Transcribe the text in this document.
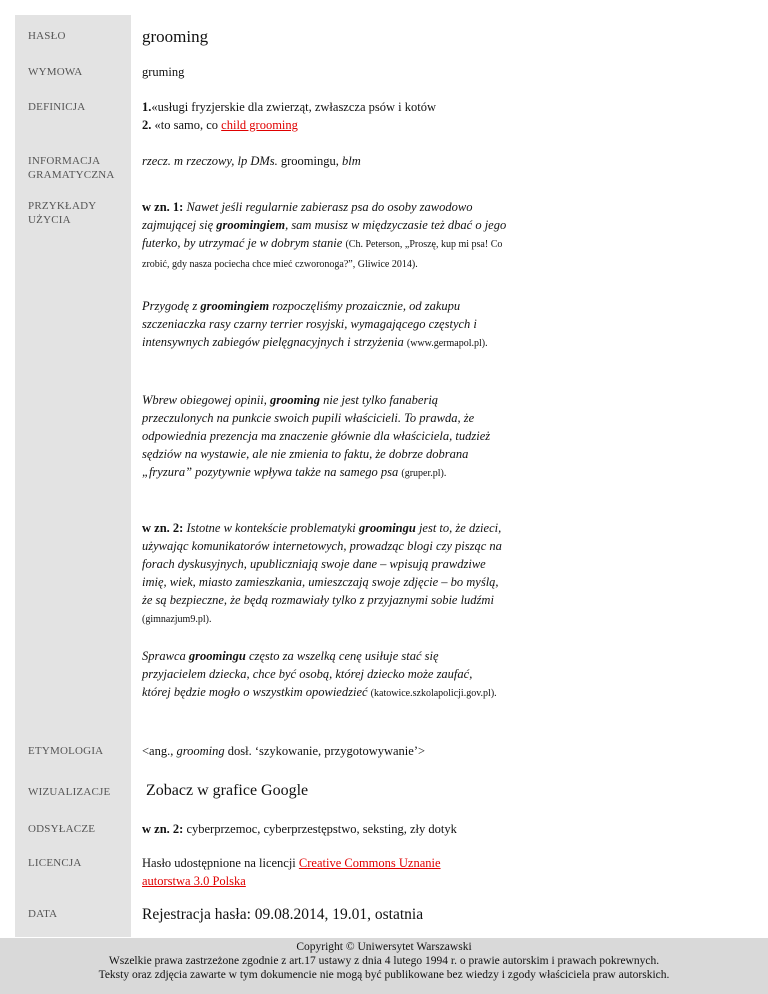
HASŁO
WYMOWA
DEFINICJA
INFORMACJA
GRAMATYCZNA
PRZYKŁADY
UŻYCIA
ETYMOLOGIA
WIZUALIZACJE
ODSYŁACZE
LICENCJA
DATA
grooming
gruming
1.«usługi fryzjerskie dla zwierząt, zwłaszcza psów i kotów
2. «to samo, co child grooming
rzecz. m rzeczowy, lp DMs. groomingu, blm
w zn. 1: Nawet jeśli regularnie zabierasz psa do osoby zawodowo zajmującej się groomingiem, sam musisz w międzyczasie też dbać o jego futerko, by utrzymać je w dobrym stanie (Ch. Peterson, „Proszę, kup mi psa! Co zrobić, gdy nasza pociecha chce mieć czworonoga?”, Gliwice 2014).
Przygodę z groomingiem rozpoczęliśmy prozaicznie, od zakupu szczeniaczka rasy czarny terrier rosyjski, wymagającego częstych i intensywnych zabiegów pielęgnacyjnych i strzyżenia (www.germapol.pl).
Wbrew obiegowej opinii, grooming nie jest tylko fanaberią przeczulonych na punkcie swoich pupili właścicieli. To prawda, że odpowiednia prezencja ma znaczenie głównie dla właściciela, tudzież sędziów na wystawie, ale nie zmienia to faktu, że dobrze dobrana „fryzura” pozytywnie wpływa także na samego psa (gruper.pl).
w zn. 2: Istotne w kontekście problematyki groomingu jest to, że dzieci, używając komunikatorów internetowych, prowadząc blogi czy pisząc na forach dyskusyjnych, upubliczniają swoje dane – wpisują prawdziwe imię, wiek, miasto zamieszkania, umieszczają swoje zdjęcie – bo myślą, że są bezpieczne, że będą rozmawiały tylko z przyjaznymi sobie ludźmi (gimnazjum9.pl).
Sprawca groomingu często za wszelką cenę usiłuje stać się przyjacielem dziecka, chce być osobą, której dziecko może zaufać, której będzie mogło o wszystkim opowiedzieć (katowice.szkolapolicji.gov.pl).
<ang., grooming dosł. ‘szykowanie, przygotowywanie’>
Zobacz w grafice Google
w zn. 2: cyberprzemoc, cyberprzestępstwo, seksting, zły dotyk
Hasło udostępnione na licencji Creative Commons Uznanie autorstwa 3.0 Polska
Rejestracja hasła: 09.08.2014, 19.01, ostatnia
Copyright © Uniwersytet Warszawski
Wszelkie prawa zastrzeżone zgodnie z art.17 ustawy z dnia 4 lutego 1994 r. o prawie autorskim i prawach pokrewnych.
Teksty oraz zdjęcia zawarte w tym dokumencie nie mogą być publikowane bez wiedzy i zgody właściciela praw autorskich.
